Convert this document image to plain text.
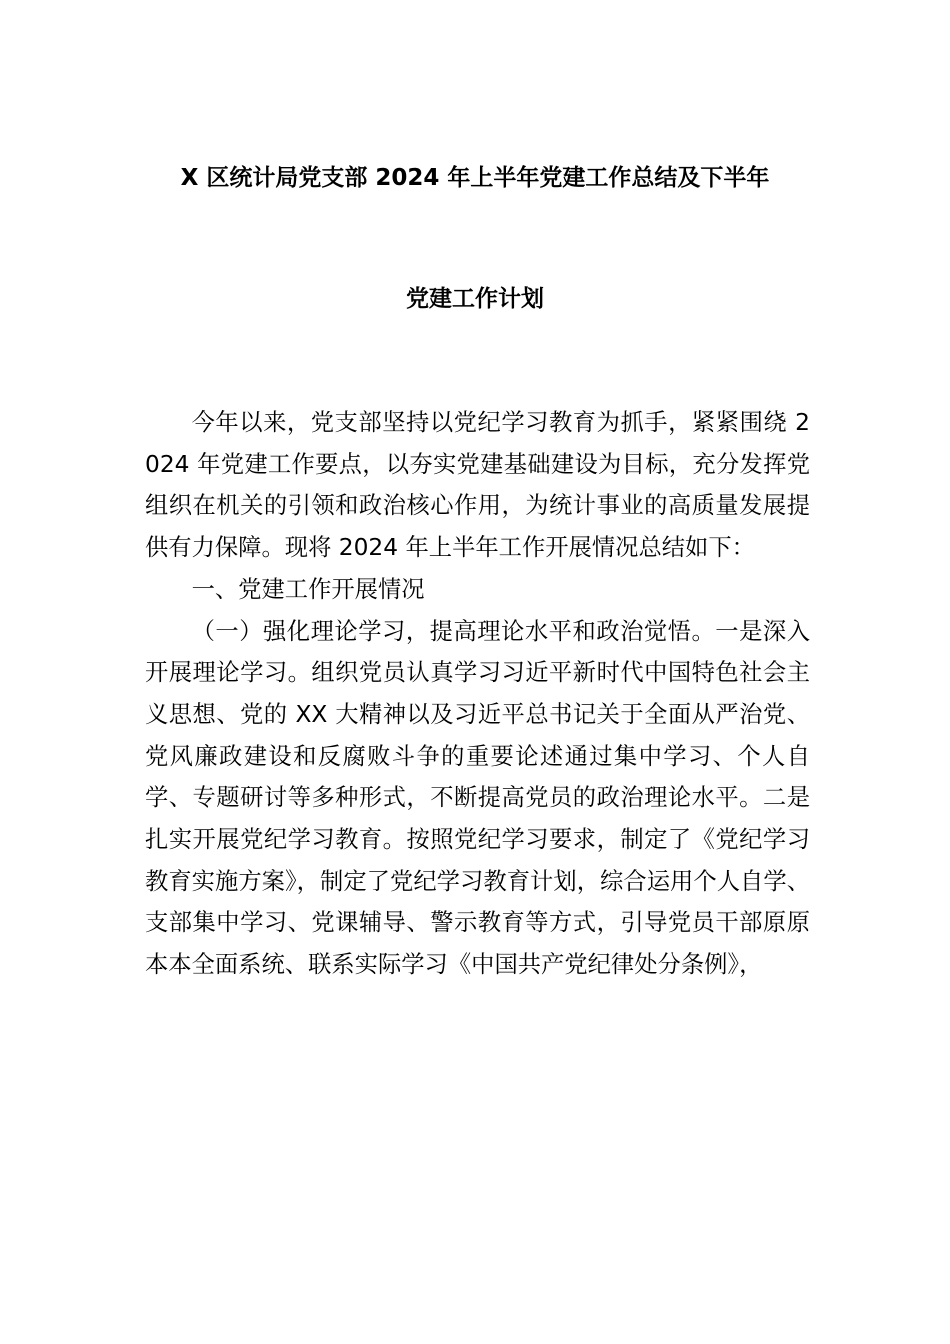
X 区统计局党支部 2024 年上半年党建工作总结及下半年
党建工作计划

今年以来，党支部坚持以党纪学习教育为抓手，紧紧围绕 2024 年党建工作要点，以夯实党建基础建设为目标，充分发挥党组织在机关的引领和政治核心作用，为统计事业的高质量发展提供有力保障。现将 2024 年上半年工作开展情况总结如下：

一、党建工作开展情况

（一）强化理论学习，提高理论水平和政治觉悟。一是深入开展理论学习。组织党员认真学习习近平新时代中国特色社会主义思想、党的 XX 大精神以及习近平总书记关于全面从严治党、党风廉政建设和反腐败斗争的重要论述通过集中学习、个人自学、专题研讨等多种形式，不断提高党员的政治理论水平。二是扎实开展党纪学习教育。按照党纪学习要求，制定了《党纪学习教育实施方案》，制定了党纪学习教育计划，综合运用个人自学、支部集中学习、党课辅导、警示教育等方式，引导党员干部原原本本全面系统、联系实际学习《中国共产党纪律处分条例》，
